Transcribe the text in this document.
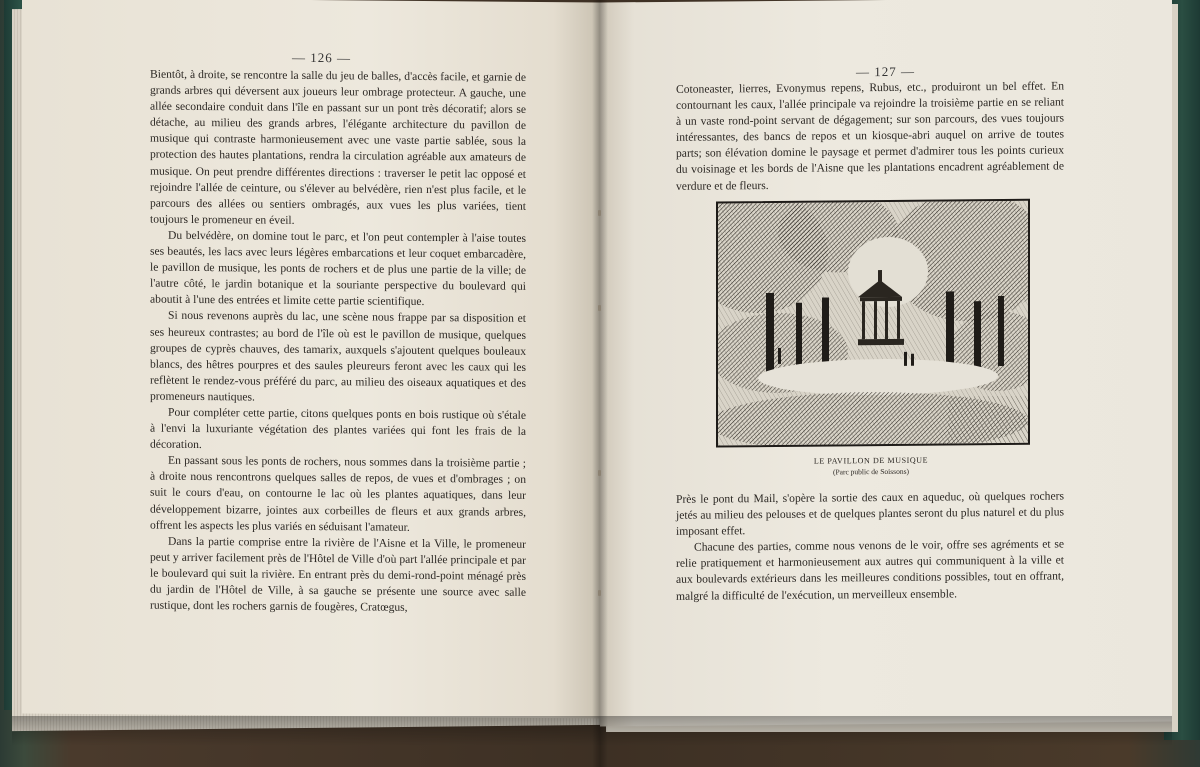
— 126 —

Bientôt, à droite, se rencontre la salle du jeu de balles, d'accès facile, et garnie de grands arbres qui déversent aux joueurs leur ombrage protecteur. A gauche, une allée secondaire conduit dans l'île en passant sur un pont très décoratif; alors se détache, au milieu des grands arbres, l'élégante architecture du pavillon de musique qui contraste harmonieusement avec une vaste partie sablée, sous la protection des hautes plantations, rendra la circulation agréable aux amateurs de musique. On peut prendre différentes directions : traverser le petit lac opposé et rejoindre l'allée de ceinture, ou s'élever au belvédère, rien n'est plus facile, et le parcours des allées ou sentiers ombragés, aux vues les plus variées, tient toujours le promeneur en éveil.

Du belvédère, on domine tout le parc, et l'on peut contempler à l'aise toutes ses beautés, les lacs avec leurs légères embarcations et leur coquet embarcadère, le pavillon de musique, les ponts de rochers et de plus une partie de la ville; de l'autre côté, le jardin botanique et la souriante perspective du boulevard qui aboutit à l'une des entrées et limite cette partie scientifique.

Si nous revenons auprès du lac, une scène nous frappe par sa disposition et ses heureux contrastes; au bord de l'île où est le pavillon de musique, quelques groupes de cyprès chauves, des tamarix, auxquels s'ajoutent quelques bouleaux blancs, des hêtres pourpres et des saules pleureurs feront avec les caux qui les reflètent le rendez-vous préféré du parc, au milieu des oiseaux aquatiques et des promeneurs nautiques.

Pour compléter cette partie, citons quelques ponts en bois rustique où s'étale à l'envi la luxuriante végétation des plantes variées qui font les frais de la décoration.

En passant sous les ponts de rochers, nous sommes dans la troisième partie ; à droite nous rencontrons quelques salles de repos, de vues et d'ombrages ; on suit le cours d'eau, on contourne le lac où les plantes aquatiques, dans leur développement bizarre, jointes aux corbeilles de fleurs et aux grands arbres, offrent les aspects les plus variés en séduisant l'amateur.

Dans la partie comprise entre la rivière de l'Aisne et la Ville, le promeneur peut y arriver facilement près de l'Hôtel de Ville d'où part l'allée principale et par le boulevard qui suit la rivière. En entrant près du demi-rond-point ménagé près du jardin de l'Hôtel de Ville, à sa gauche se présente une source avec salle rustique, dont les rochers garnis de fougères, Cratœgus,

— 127 —

Cotoneaster, lierres, Evonymus repens, Rubus, etc., produiront un bel effet. En contournant les caux, l'allée principale va rejoindre la troisième partie en se reliant à un vaste rond-point servant de dégagement; sur son parcours, des vues toujours intéressantes, des bancs de repos et un kiosque-abri auquel on arrive de toutes parts; son élévation domine le paysage et permet d'admirer tous les points curieux du voisinage et les bords de l'Aisne que les plantations encadrent agréablement de verdure et de fleurs.

LE PAVILLON DE MUSIQUE
(Parc public de Soissons)

Près le pont du Mail, s'opère la sortie des caux en aqueduc, où quelques rochers jetés au milieu des pelouses et de quelques plantes seront du plus naturel et du plus imposant effet.

Chacune des parties, comme nous venons de le voir, offre ses agréments et se relie pratiquement et harmonieusement aux autres qui communiquent à la ville et aux boulevards extérieurs dans les meilleures conditions possibles, tout en offrant, malgré la difficulté de l'exécution, un merveilleux ensemble.
